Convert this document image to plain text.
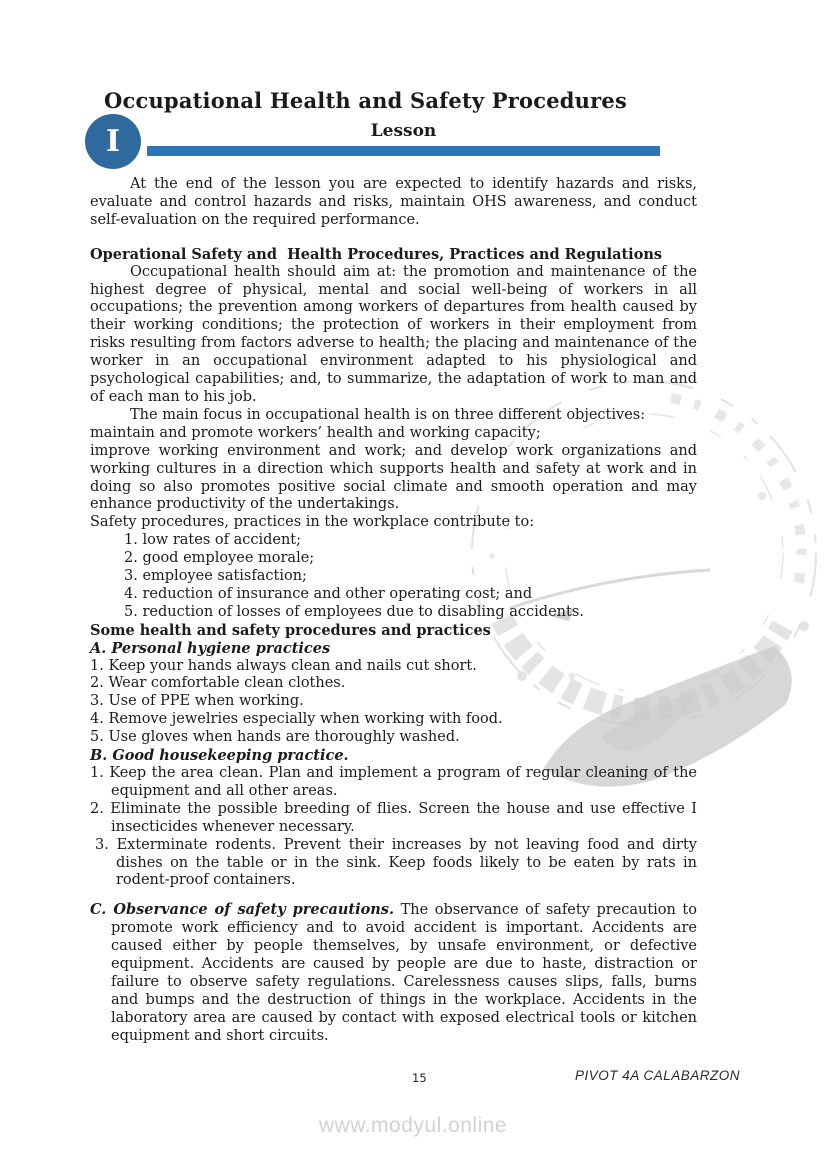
Occupational Health and Safety Procedures
I	Lesson

At the end of the lesson you are expected to identify hazards and risks, evaluate and control hazards and risks, maintain OHS awareness, and conduct self-evaluation on the required performance.

Operational Safety and  Health Procedures, Practices and Regulations

Occupational health should aim at: the promotion and maintenance of the highest degree of physical, mental and social well-being of workers in all occupations; the prevention among workers of departures from health caused by their working conditions; the protection of workers in their employment from risks resulting from factors adverse to health; the placing and maintenance of the worker in an occupational environment adapted to his physiological and psychological capabilities; and, to summarize, the adaptation of work to man and of each man to his job.

The main focus in occupational health is on three different objectives:

maintain and promote workers’ health and working capacity;

improve working environment and work; and develop work organizations and working cultures in a direction which supports health and safety at work and in doing so also promotes positive social climate and smooth operation and may enhance productivity of the undertakings.

Safety procedures, practices in the workplace contribute to:

1. low rates of accident;
2. good employee morale;
3. employee satisfaction;
4. reduction of insurance and other operating cost; and
5. reduction of losses of employees due to disabling accidents.
Some health and safety procedures and practices
A. Personal hygiene practices
1. Keep your hands always clean and nails cut short.
2. Wear comfortable clean clothes.
3. Use of PPE when working.
4. Remove jewelries especially when working with food.
5. Use gloves when hands are thoroughly washed.
B. Good housekeeping practice.
1. Keep the area clean. Plan and implement a program of regular cleaning of the equipment and all other areas.
2. Eliminate the possible breeding of flies. Screen the house and use effective I insecticides whenever necessary.
3. Exterminate rodents. Prevent their increases by not leaving food and dirty dishes on the table or in the sink. Keep foods likely to be eaten by rats in rodent-proof containers.
C. Observance of safety precautions. The observance of safety precaution to promote work efficiency and to avoid accident is important. Accidents are caused either by people themselves, by unsafe environment, or defective equipment. Accidents are caused by people are due to haste, distraction or failure to observe safety regulations. Carelessness causes slips, falls, burns and bumps and the destruction of things in the workplace. Accidents in the laboratory area are caused by contact with exposed electrical tools or kitchen equipment and short circuits.
15	PIVOT 4A CALABARZON
www.modyul.online
